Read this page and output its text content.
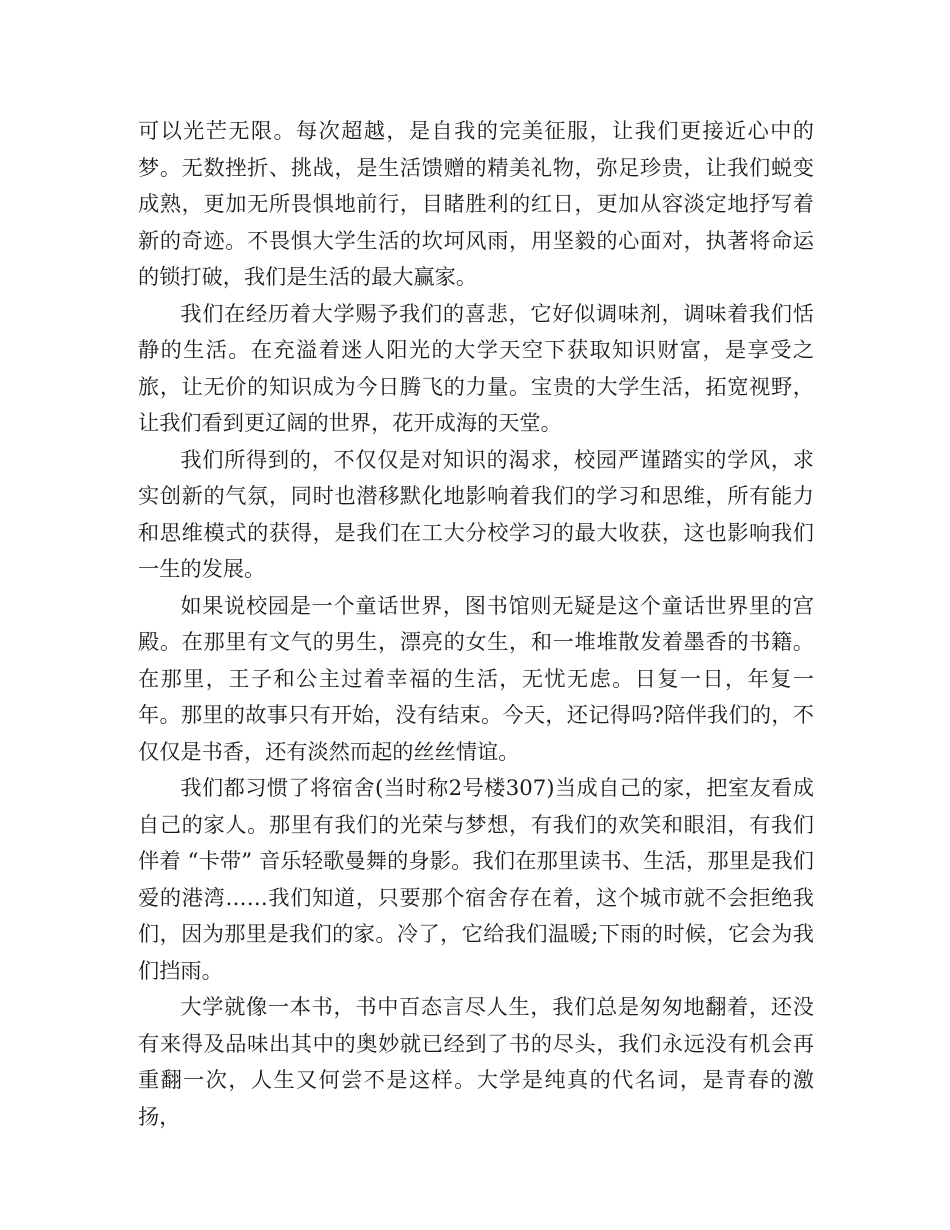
可以光芒无限。每次超越，是自我的完美征服，让我们更接近心中的梦。无数挫折、挑战，是生活馈赠的精美礼物，弥足珍贵，让我们蜕变成熟，更加无所畏惧地前行，目睹胜利的红日，更加从容淡定地抒写着新的奇迹。不畏惧大学生活的坎坷风雨，用坚毅的心面对，执著将命运的锁打破，我们是生活的最大赢家。

我们在经历着大学赐予我们的喜悲，它好似调味剂，调味着我们恬静的生活。在充溢着迷人阳光的大学天空下获取知识财富，是享受之旅，让无价的知识成为今日腾飞的力量。宝贵的大学生活，拓宽视野，让我们看到更辽阔的世界，花开成海的天堂。

我们所得到的，不仅仅是对知识的渴求，校园严谨踏实的学风，求实创新的气氛，同时也潜移默化地影响着我们的学习和思维，所有能力和思维模式的获得，是我们在工大分校学习的最大收获，这也影响我们一生的发展。

如果说校园是一个童话世界，图书馆则无疑是这个童话世界里的宫殿。在那里有文气的男生，漂亮的女生，和一堆堆散发着墨香的书籍。在那里，王子和公主过着幸福的生活，无忧无虑。日复一日，年复一年。那里的故事只有开始，没有结束。今天，还记得吗?陪伴我们的，不仅仅是书香，还有淡然而起的丝丝情谊。

我们都习惯了将宿舍(当时称2号楼307)当成自己的家，把室友看成自己的家人。那里有我们的光荣与梦想，有我们的欢笑和眼泪，有我们伴着 “卡带” 音乐轻歌曼舞的身影。我们在那里读书、生活，那里是我们爱的港湾……我们知道，只要那个宿舍存在着，这个城市就不会拒绝我们，因为那里是我们的家。冷了，它给我们温暖;下雨的时候，它会为我们挡雨。

大学就像一本书，书中百态言尽人生，我们总是匆匆地翻着，还没有来得及品味出其中的奥妙就已经到了书的尽头，我们永远没有机会再重翻一次，人生又何尝不是这样。大学是纯真的代名词，是青春的激扬，
